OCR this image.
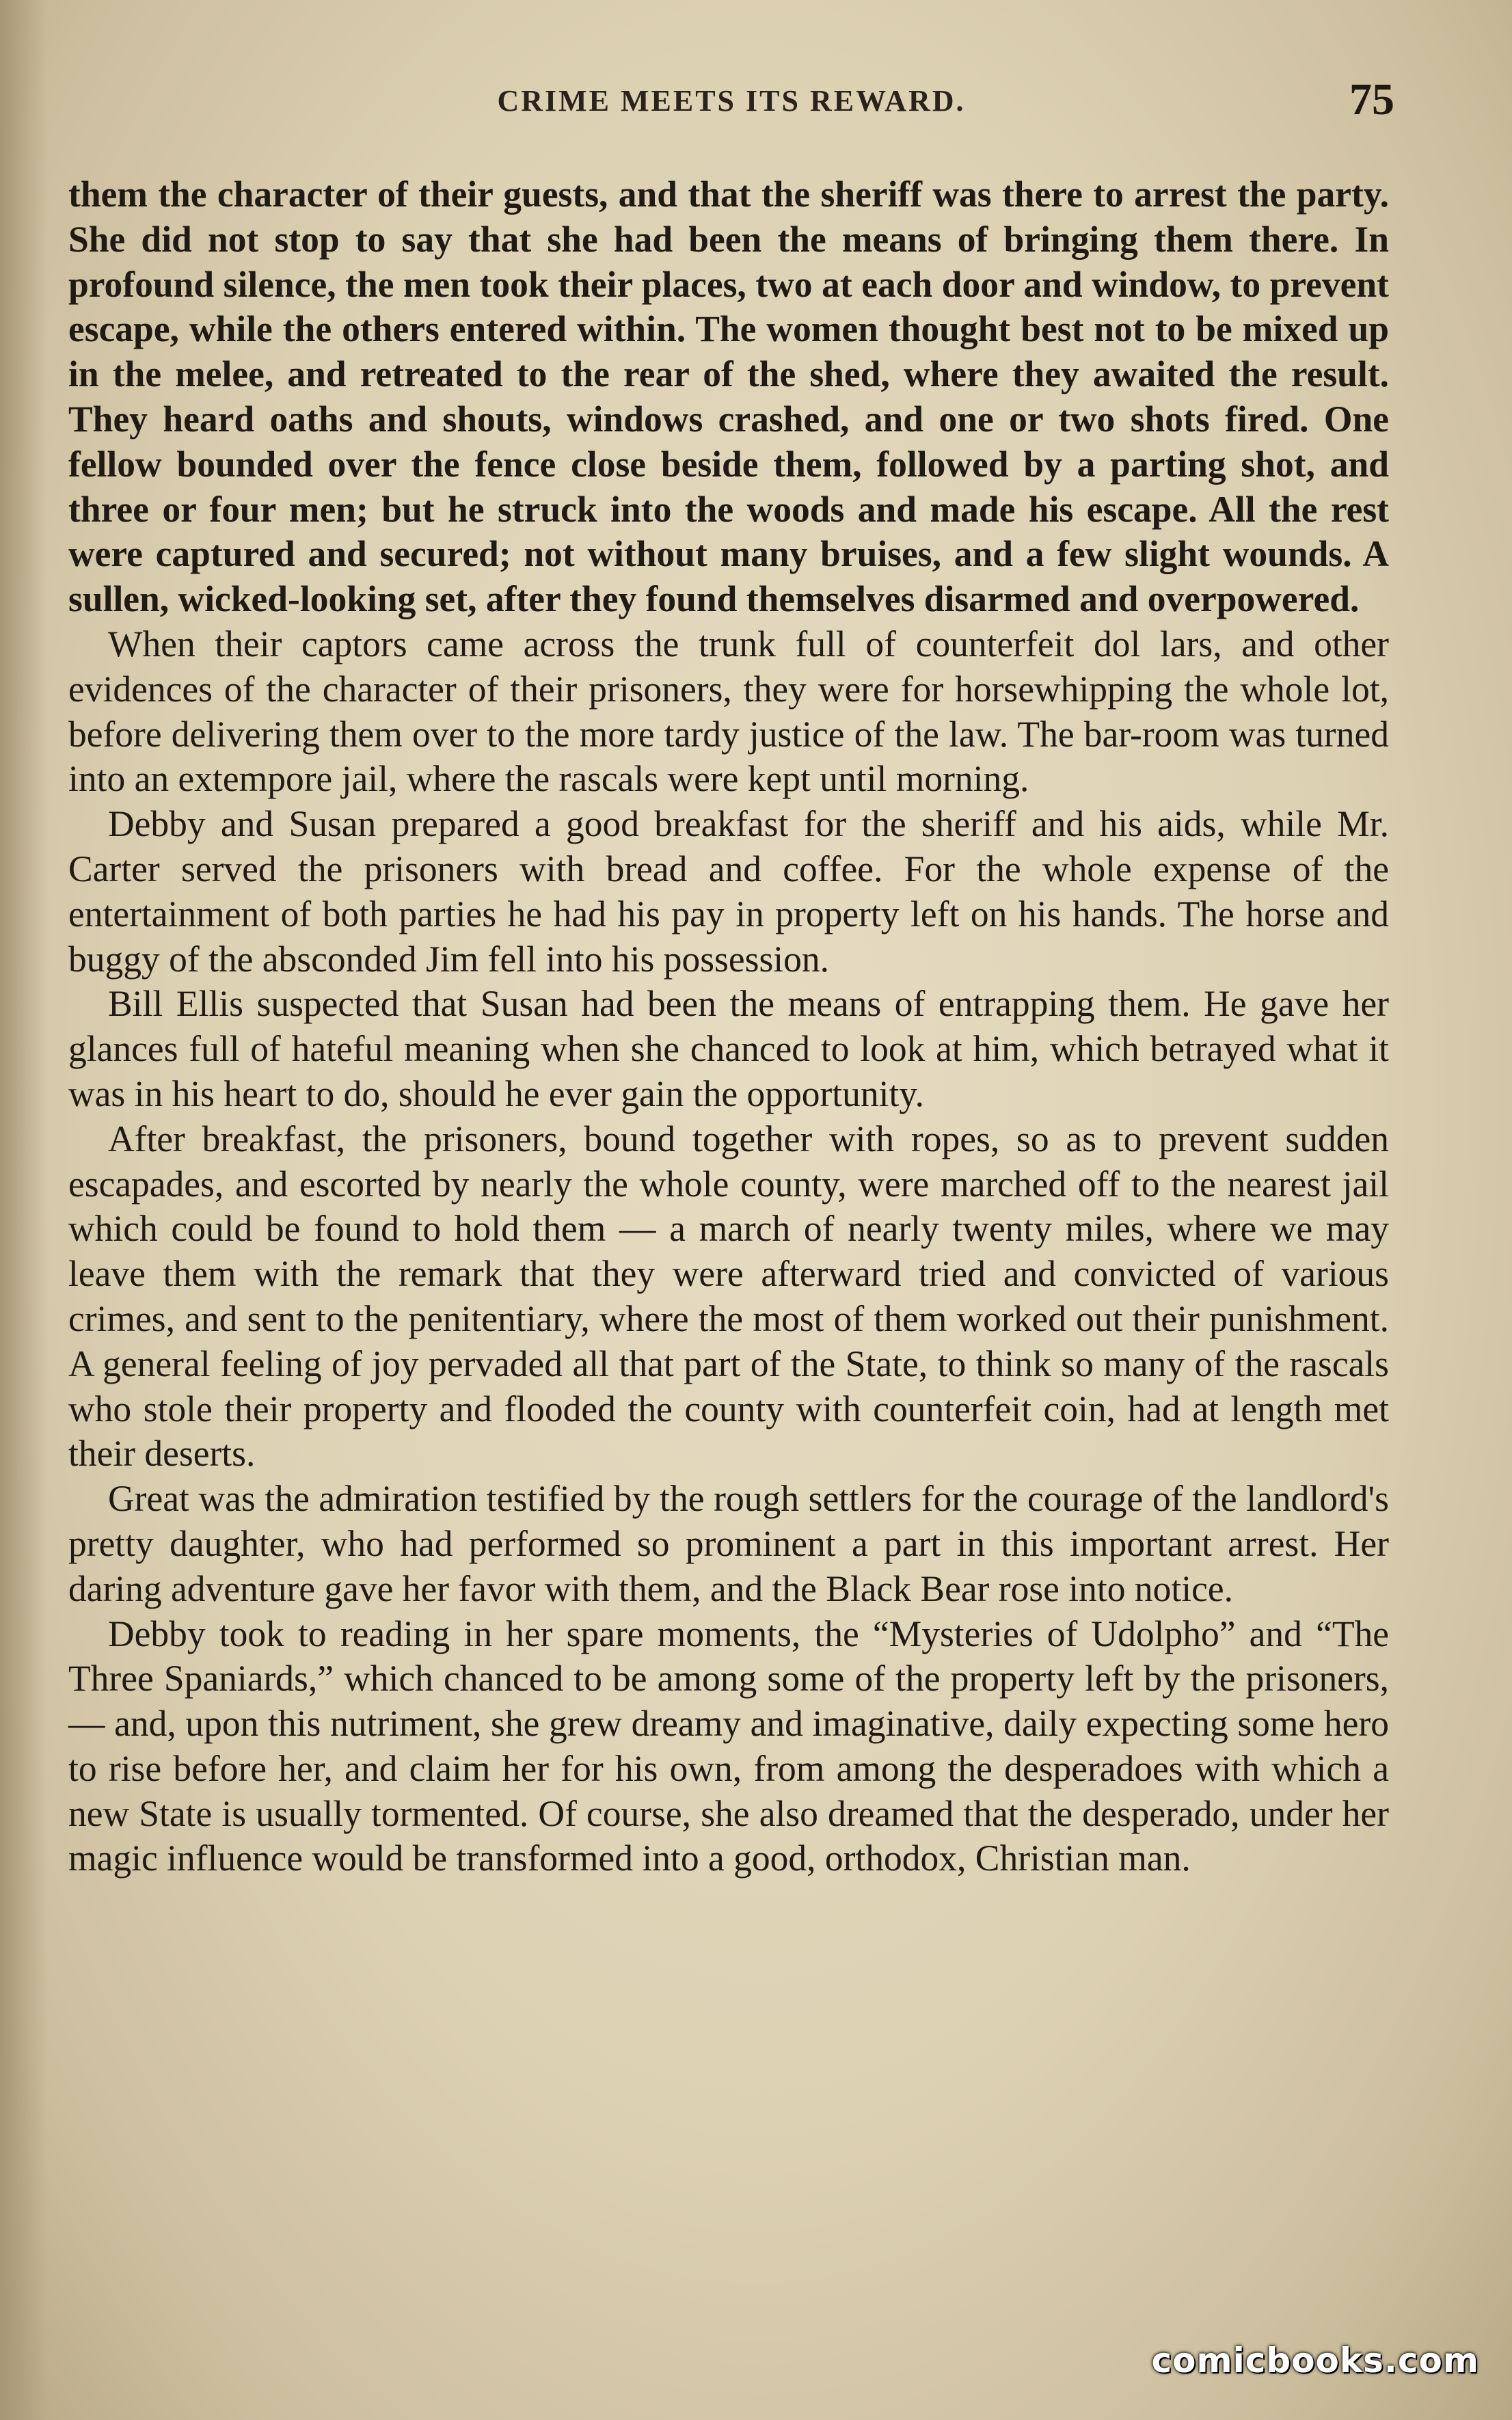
CRIME MEETS ITS REWARD.	75

them the character of their guests, and that the sheriff was there to arrest the party. She did not stop to say that she had been the means of bringing them there. In profound silence, the men took their places, two at each door and window, to prevent escape, while the others entered within. The women thought best not to be mixed up in the melee, and retreated to the rear of the shed, where they awaited the result. They heard oaths and shouts, windows crashed, and one or two shots fired. One fellow bounded over the fence close beside them, followed by a parting shot, and three or four men; but he struck into the woods and made his escape. All the rest were captured and secured; not without many bruises, and a few slight wounds. A sullen, wicked-looking set, after they found themselves disarmed and overpowered.

When their captors came across the trunk full of counterfeit dol lars, and other evidences of the character of their prisoners, they were for horsewhipping the whole lot, before delivering them over to the more tardy justice of the law. The bar-room was turned into an extempore jail, where the rascals were kept until morning.

Debby and Susan prepared a good breakfast for the sheriff and his aids, while Mr. Carter served the prisoners with bread and coffee. For the whole expense of the entertainment of both parties he had his pay in property left on his hands. The horse and buggy of the absconded Jim fell into his possession.

Bill Ellis suspected that Susan had been the means of entrapping them. He gave her glances full of hateful meaning when she chanced to look at him, which betrayed what it was in his heart to do, should he ever gain the opportunity.

After breakfast, the prisoners, bound together with ropes, so as to prevent sudden escapades, and escorted by nearly the whole county, were marched off to the nearest jail which could be found to hold them — a march of nearly twenty miles, where we may leave them with the remark that they were afterward tried and convicted of various crimes, and sent to the penitentiary, where the most of them worked out their punishment. A general feeling of joy pervaded all that part of the State, to think so many of the rascals who stole their property and flooded the county with counterfeit coin, had at length met their deserts.

Great was the admiration testified by the rough settlers for the courage of the landlord's pretty daughter, who had performed so prominent a part in this important arrest. Her daring adventure gave her favor with them, and the Black Bear rose into notice.

Debby took to reading in her spare moments, the “Mysteries of Udolpho” and “The Three Spaniards,” which chanced to be among some of the property left by the prisoners, — and, upon this nutriment, she grew dreamy and imaginative, daily expecting some hero to rise before her, and claim her for his own, from among the desperadoes with which a new State is usually tormented. Of course, she also dreamed that the desperado, under her magic influence would be transformed into a good, orthodox, Christian man.

comicbooks.com
